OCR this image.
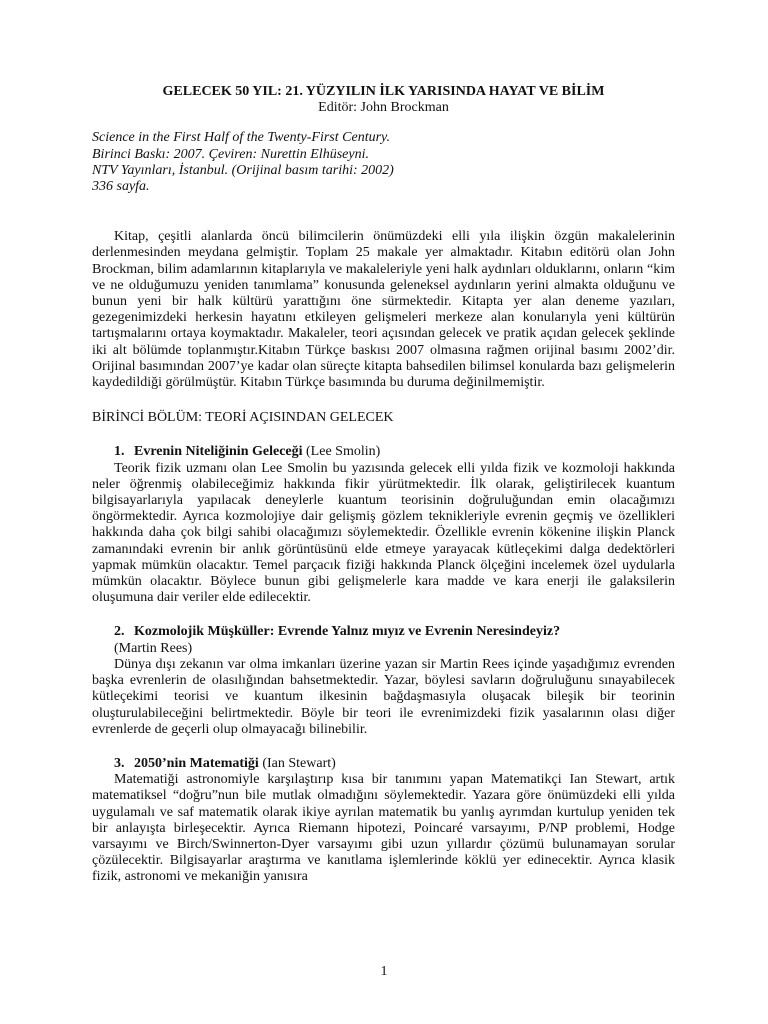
GELECEK 50 YIL: 21. YÜZYILIN İLK YARISINDA HAYAT VE BİLİM

Editör: John Brockman

Science in the First Half of the Twenty-First Century.
Birinci Baskı: 2007. Çeviren: Nurettin Elhüseyni.
NTV Yayınları, İstanbul. (Orijinal basım tarihi: 2002)
336 sayfa.

Kitap, çeşitli alanlarda öncü bilimcilerin önümüzdeki elli yıla ilişkin özgün makalelerinin derlenmesinden meydana gelmiştir. Toplam 25 makale yer almaktadır. Kitabın editörü olan John Brockman, bilim adamlarının kitaplarıyla ve makaleleriyle yeni halk aydınları olduklarını, onların “kim ve ne olduğumuzu yeniden tanımlama” konusunda geleneksel aydınların yerini almakta olduğunu ve bunun yeni bir halk kültürü yarattığını öne sürmektedir. Kitapta yer alan deneme yazıları, gezegenimizdeki herkesin hayatını etkileyen gelişmeleri merkeze alan konularıyla yeni kültürün tartışmalarını ortaya koymaktadır. Makaleler, teori açısından gelecek ve pratik açıdan gelecek şeklinde iki alt bölümde toplanmıştır.Kitabın Türkçe baskısı 2007 olmasına rağmen orijinal basımı 2002’dir. Orijinal basımından 2007’ye kadar olan süreçte kitapta bahsedilen bilimsel konularda bazı gelişmelerin kaydedildiği görülmüştür. Kitabın Türkçe basımında bu duruma değinilmemiştir.

BİRİNCİ BÖLÜM: TEORİ AÇISINDAN GELECEK

1. Evrenin Niteliğinin Geleceği (Lee Smolin)

Teorik fizik uzmanı olan Lee Smolin bu yazısında gelecek elli yılda fizik ve kozmoloji hakkında neler öğrenmiş olabileceğimiz hakkında fikir yürütmektedir. İlk olarak, geliştirilecek kuantum bilgisayarlarıyla yapılacak deneylerle kuantum teorisinin doğruluğundan emin olacağımızı öngörmektedir. Ayrıca kozmolojiye dair gelişmiş gözlem teknikleriyle evrenin geçmiş ve özellikleri hakkında daha çok bilgi sahibi olacağımızı söylemektedir. Özellikle evrenin kökenine ilişkin Planck zamanındaki evrenin bir anlık görüntüsünü elde etmeye yarayacak kütleçekimi dalga dedektörleri yapmak mümkün olacaktır. Temel parçacık fiziği hakkında Planck ölçeğini incelemek özel uydularla mümkün olacaktır. Böylece bunun gibi gelişmelerle kara madde ve kara enerji ile galaksilerin oluşumuna dair veriler elde edilecektir.

2. Kozmolojik Müşküller: Evrende Yalnız mıyız ve Evrenin Neresindeyiz?

(Martin Rees)

Dünya dışı zekanın var olma imkanları üzerine yazan sir Martin Rees içinde yaşadığımız evrenden başka evrenlerin de olasılığından bahsetmektedir. Yazar, böylesi savların doğruluğunu sınayabilecek kütleçekimi teorisi ve kuantum ilkesinin bağdaşmasıyla oluşacak bileşik bir teorinin oluşturulabileceğini belirtmektedir. Böyle bir teori ile evrenimizdeki fizik yasalarının olası diğer evrenlerde de geçerli olup olmayacağı bilinebilir.

3. 2050’nin Matematiği (Ian Stewart)

Matematiği astronomiyle karşılaştırıp kısa bir tanımını yapan Matematikçi Ian Stewart, artık matematiksel “doğru”nun bile mutlak olmadığını söylemektedir. Yazara göre önümüzdeki elli yılda uygulamalı ve saf matematik olarak ikiye ayrılan matematik bu yanlış ayrımdan kurtulup yeniden tek bir anlayışta birleşecektir. Ayrıca Riemann hipotezi, Poincaré varsayımı, P/NP problemi, Hodge varsayımı ve Birch/Swinnerton-Dyer varsayımı gibi uzun yıllardır çözümü bulunamayan sorular çözülecektir. Bilgisayarlar araştırma ve kanıtlama işlemlerinde köklü yer edinecektir. Ayrıca klasik fizik, astronomi ve mekaniğin yanısıra

1
